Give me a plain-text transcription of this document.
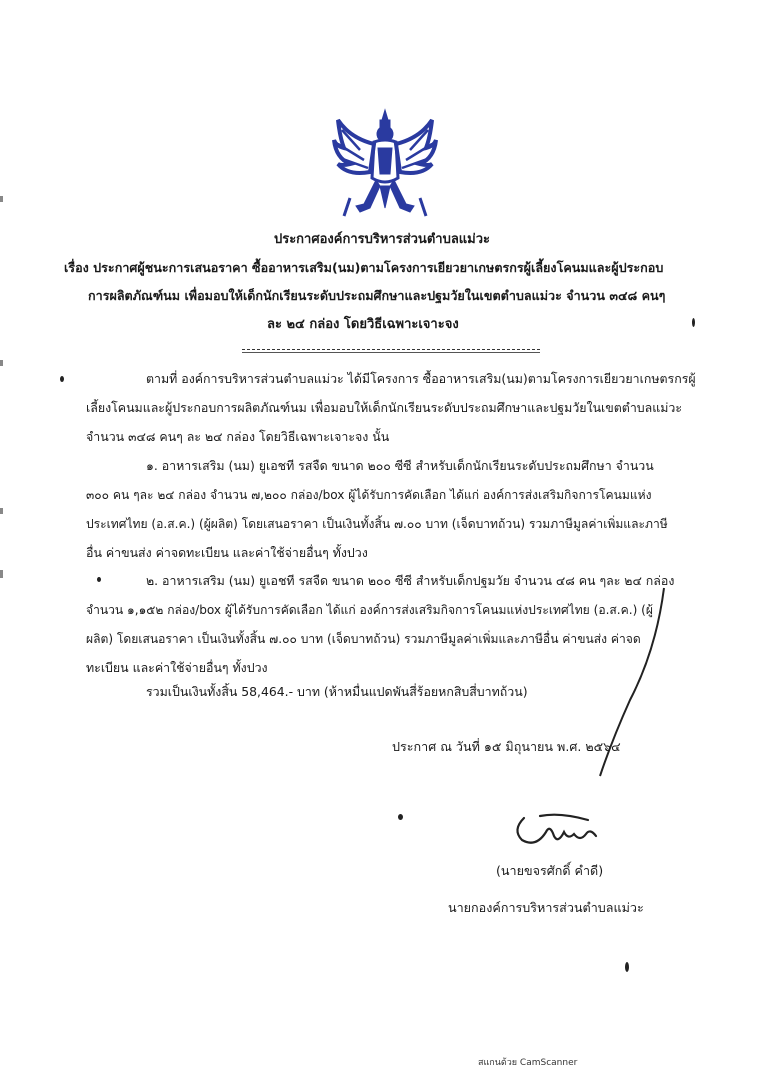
ประกาศองค์การบริหารส่วนตำบลแม่วะ
เรื่อง ประกาศผู้ชนะการเสนอราคา ซื้ออาหารเสริม(นม)ตามโครงการเยียวยาเกษตรกรผู้เลี้ยงโคนมและผู้ประกอบ
การผลิตภัณฑ์นม เพื่อมอบให้เด็กนักเรียนระดับประถมศึกษาและปฐมวัยในเขตตำบลแม่วะ จำนวน ๓๔๘ คนๆ
ละ ๒๔ กล่อง โดยวิธีเฉพาะเจาะจง
ตามที่ องค์การบริหารส่วนตำบลแม่วะ ได้มีโครงการ ซื้ออาหารเสริม(นม)ตามโครงการเยียวยาเกษตรกรผู้
เลี้ยงโคนมและผู้ประกอบการผลิตภัณฑ์นม เพื่อมอบให้เด็กนักเรียนระดับประถมศึกษาและปฐมวัยในเขตตำบลแม่วะ
จำนวน ๓๔๘ คนๆ ละ ๒๔ กล่อง โดยวิธีเฉพาะเจาะจง นั้น
๑. อาหารเสริม (นม) ยูเอชที รสจืด ขนาด ๒๐๐ ซีซี สำหรับเด็กนักเรียนระดับประถมศึกษา จำนวน
๓๐๐ คน ๆละ ๒๔ กล่อง จำนวน ๗,๒๐๐ กล่อง/box ผู้ได้รับการคัดเลือก ได้แก่ องค์การส่งเสริมกิจการโคนมแห่ง
ประเทศไทย (อ.ส.ค.) (ผู้ผลิต) โดยเสนอราคา เป็นเงินทั้งสิ้น ๗.๐๐ บาท (เจ็ดบาทถ้วน) รวมภาษีมูลค่าเพิ่มและภาษี
อื่น ค่าขนส่ง ค่าจดทะเบียน และค่าใช้จ่ายอื่นๆ ทั้งปวง
๒. อาหารเสริม (นม) ยูเอชที รสจืด ขนาด ๒๐๐ ซีซี สำหรับเด็กปฐมวัย จำนวน ๔๘ คน ๆละ ๒๔ กล่อง
จำนวน ๑,๑๕๒ กล่อง/box ผู้ได้รับการคัดเลือก ได้แก่ องค์การส่งเสริมกิจการโคนมแห่งประเทศไทย (อ.ส.ค.) (ผู้
ผลิต) โดยเสนอราคา เป็นเงินทั้งสิ้น ๗.๐๐ บาท (เจ็ดบาทถ้วน) รวมภาษีมูลค่าเพิ่มและภาษีอื่น ค่าขนส่ง ค่าจด
ทะเบียน และค่าใช้จ่ายอื่นๆ ทั้งปวง
รวมเป็นเงินทั้งสิ้น 58,464.- บาท (ห้าหมื่นแปดพันสี่ร้อยหกสิบสี่บาทถ้วน)
ประกาศ ณ วันที่ ๑๕ มิถุนายน พ.ศ. ๒๕๖๔
(นายขจรศักดิ์ คำดี)
นายกองค์การบริหารส่วนตำบลแม่วะ
สแกนด้วย CamScanner
